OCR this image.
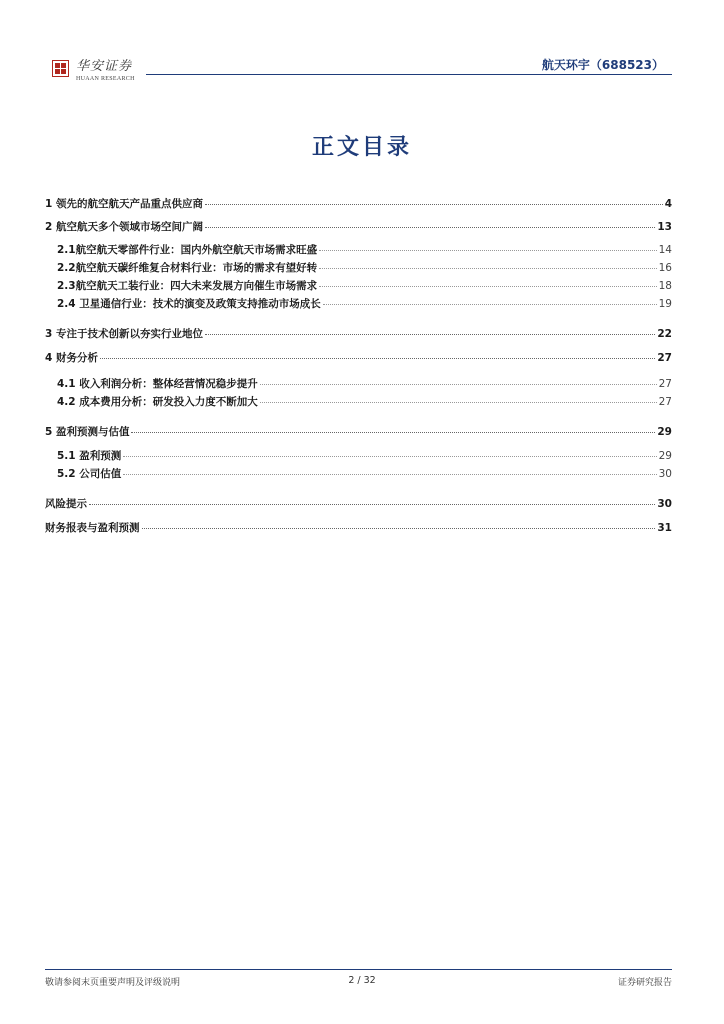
华安证券
HUAAN RESEARCH
航天环宇（688523）
正文目录
1 领先的航空航天产品重点供应商	4
2 航空航天多个领域市场空间广阔	13
2.1航空航天零部件行业：国内外航空航天市场需求旺盛	14
2.2航空航天碳纤维复合材料行业：市场的需求有望好转	16
2.3航空航天工装行业：四大未来发展方向催生市场需求	18
2.4 卫星通信行业：技术的演变及政策支持推动市场成长	19
3 专注于技术创新以夯实行业地位	22
4 财务分析	27
4.1 收入利润分析：整体经营情况稳步提升	27
4.2 成本费用分析：研发投入力度不断加大	27
5 盈利预测与估值	29
5.1 盈利预测	29
5.2 公司估值	30
风险提示	30
财务报表与盈利预测	31
敬请参阅末页重要声明及评级说明	2 / 32	证券研究报告
